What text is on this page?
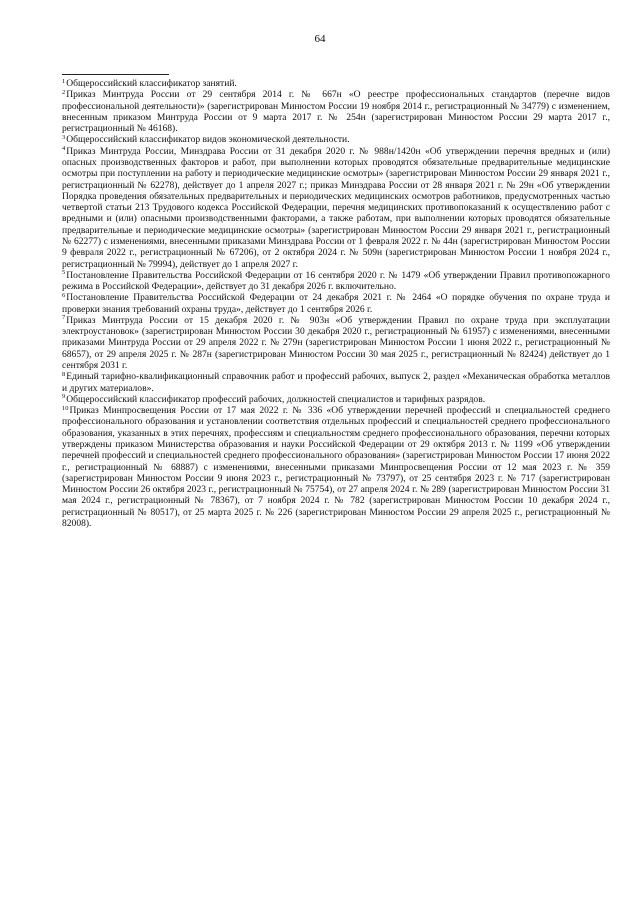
64

$^1$Общероссийский классификатор занятий.

$^2$Приказ Минтруда России от 29 сентября 2014 г. № 667н «О реестре профессиональных стандартов (перечне видов профессиональной деятельности)» (зарегистрирован Минюстом России 19 ноября 2014 г., регистрационный № 34779) с изменением, внесенным приказом Минтруда России от 9 марта 2017 г. № 254н (зарегистрирован Минюстом России 29 марта 2017 г., регистрационный № 46168).

$^3$Общероссийский классификатор видов экономической деятельности.

$^4$Приказ Минтруда России, Минздрава России от 31 декабря 2020 г. № 988н/1420н «Об утверждении перечня вредных и (или) опасных производственных факторов и работ, при выполнении которых проводятся обязательные предварительные медицинские осмотры при поступлении на работу и периодические медицинские осмотры» (зарегистрирован Минюстом России 29 января 2021 г., регистрационный № 62278), действует до 1 апреля 2027 г.; приказ Минздрава России от 28 января 2021 г. № 29н «Об утверждении Порядка проведения обязательных предварительных и периодических медицинских осмотров работников, предусмотренных частью четвертой статьи 213 Трудового кодекса Российской Федерации, перечня медицинских противопоказаний к осуществлению работ с вредными и (или) опасными производственными факторами, а также работам, при выполнении которых проводятся обязательные предварительные и периодические медицинские осмотры» (зарегистрирован Минюстом России 29 января 2021 г., регистрационный № 62277) с изменениями, внесенными приказами Минздрава России от 1 февраля 2022 г. № 44н (зарегистрирован Минюстом России 9 февраля 2022 г., регистрационный № 67206), от 2 октября 2024 г. № 509н (зарегистрирован Минюстом России 1 ноября 2024 г., регистрационный № 79994), действует до 1 апреля 2027 г.

$^5$Постановление Правительства Российской Федерации от 16 сентября 2020 г. № 1479 «Об утверждении Правил противопожарного режима в Российской Федерации», действует до 31 декабря 2026 г. включительно.

$^6$Постановление Правительства Российской Федерации от 24 декабря 2021 г. № 2464 «О порядке обучения по охране труда и проверки знания требований охраны труда», действует до 1 сентября 2026 г.

$^7$Приказ Минтруда России от 15 декабря 2020 г. № 903н «Об утверждении Правил по охране труда при эксплуатации электроустановок» (зарегистрирован Минюстом России 30 декабря 2020 г., регистрационный № 61957) с изменениями, внесенными приказами Минтруда России от 29 апреля 2022 г. № 279н (зарегистрирован Минюстом России 1 июня 2022 г., регистрационный № 68657), от 29 апреля 2025 г. № 287н (зарегистрирован Минюстом России 30 мая 2025 г., регистрационный № 82424) действует до 1 сентября 2031 г.

$^8$Единый тарифно-квалификационный справочник работ и профессий рабочих, выпуск 2, раздел «Механическая обработка металлов и других материалов».

$^9$Общероссийский классификатор профессий рабочих, должностей специалистов и тарифных разрядов.

$^{10}$Приказ Минпросвещения России от 17 мая 2022 г. № 336 «Об утверждении перечней профессий и специальностей среднего профессионального образования и установлении соответствия отдельных профессий и специальностей среднего профессионального образования, указанных в этих перечнях, профессиям и специальностям среднего профессионального образования, перечни которых утверждены приказом Министерства образования и науки Российской Федерации от 29 октября 2013 г. № 1199 «Об утверждении перечней профессий и специальностей среднего профессионального образования» (зарегистрирован Минюстом России 17 июня 2022 г., регистрационный № 68887) с изменениями, внесенными приказами Минпросвещения России от 12 мая 2023 г. № 359 (зарегистрирован Минюстом России 9 июня 2023 г., регистрационный № 73797), от 25 сентября 2023 г. № 717 (зарегистрирован Минюстом России 26 октября 2023 г., регистрационный № 75754), от 27 апреля 2024 г. № 289 (зарегистрирован Минюстом России 31 мая 2024 г., регистрационный № 78367), от 7 ноября 2024 г. № 782 (зарегистрирован Минюстом России 10 декабря 2024 г., регистрационный № 80517), от 25 марта 2025 г. № 226 (зарегистрирован Минюстом России 29 апреля 2025 г., регистрационный № 82008).
